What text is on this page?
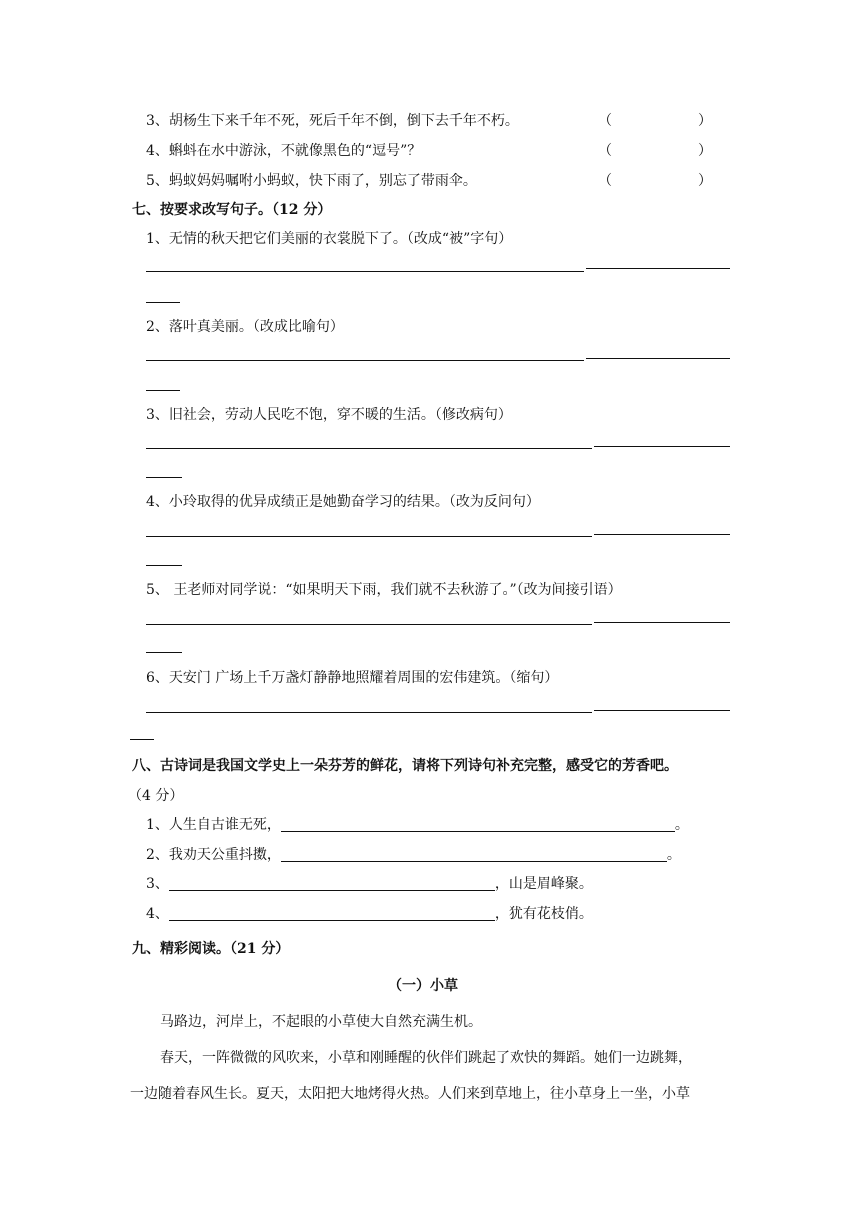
3、胡杨生下来千年不死，死后千年不倒，倒下去千年不朽。	（	）
4、蝌蚪在水中游泳，不就像黑色的“逗号”？	（	）
5、蚂蚁妈妈嘱咐小蚂蚁，快下雨了，别忘了带雨伞。	（	）
七、按要求改写句子。（12 分）
1、无情的秋天把它们美丽的衣裳脱下了。（改成“被”字句）
2、落叶真美丽。（改成比喻句）
3、旧社会，劳动人民吃不饱，穿不暖的生活。（修改病句）
4、小玲取得的优异成绩正是她勤奋学习的结果。（改为反问句）
5、 王老师对同学说：“如果明天下雨，我们就不去秋游了。”（改为间接引语）
6、天安门 广场上千万盏灯静静地照耀着周围的宏伟建筑。（缩句）
八、古诗词是我国文学史上一朵芬芳的鲜花，请将下列诗句补充完整，感受它的芳香吧。
（4 分）
1、人生自古谁无死，	。
2、我劝天公重抖擞，	。
3、	，山是眉峰聚。
4、	，犹有花枝俏。
九、精彩阅读。（21 分）
（一）小草
马路边，河岸上，不起眼的小草使大自然充满生机。
春天，一阵微微的风吹来，小草和刚睡醒的伙伴们跳起了欢快的舞蹈。她们一边跳舞，
一边随着春风生长。夏天，太阳把大地烤得火热。人们来到草地上，往小草身上一坐，小草
